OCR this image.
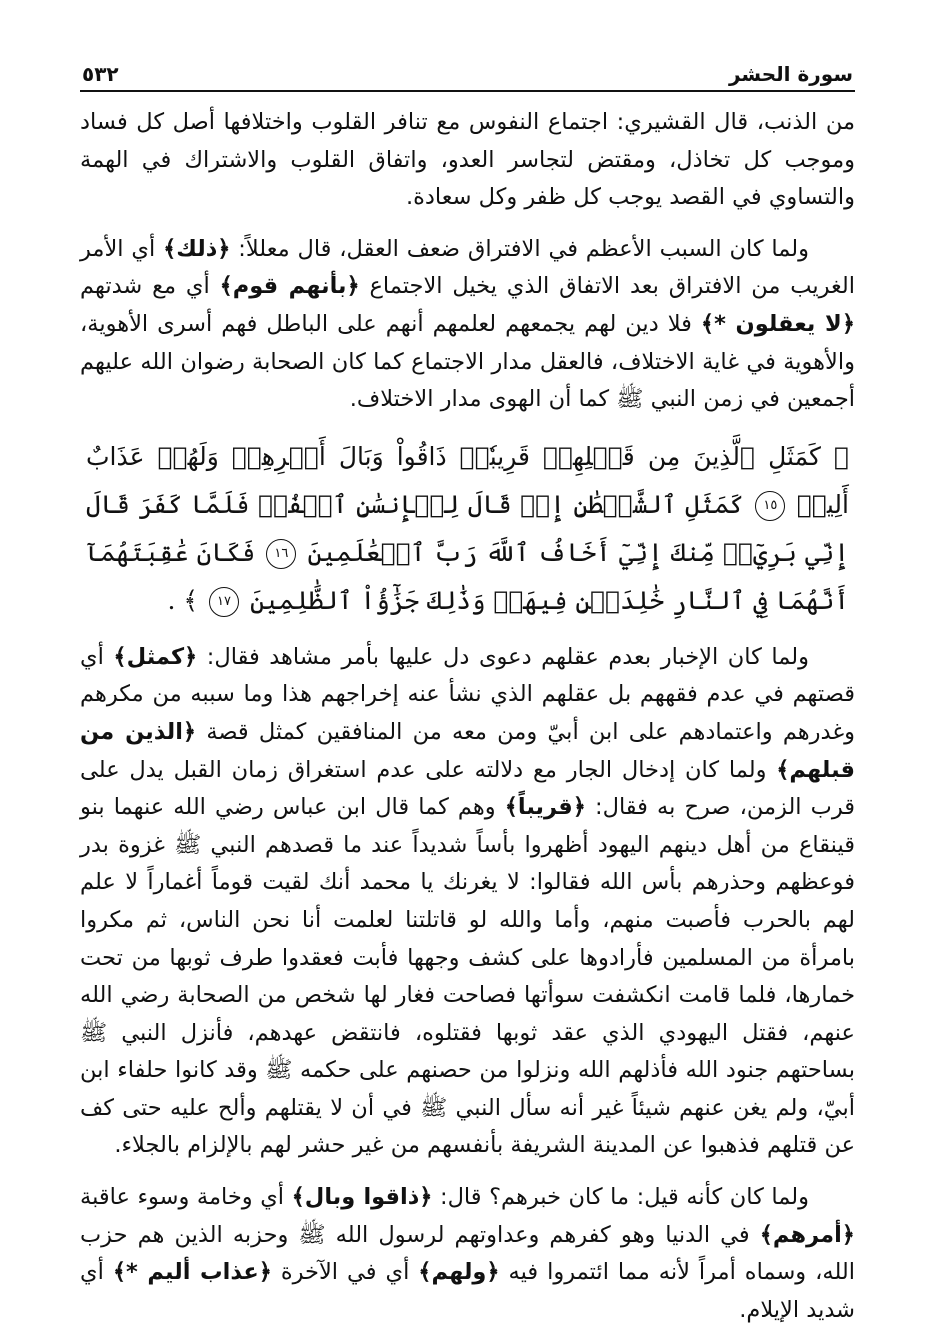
سورة الحشر
٥٣٢

من الذنب، قال القشيري: اجتماع النفوس مع تنافر القلوب واختلافها أصل كل فساد وموجب كل تخاذل، ومقتض لتجاسر العدو، واتفاق القلوب والاشتراك في الهمة والتساوي في القصد يوجب كل ظفر وكل سعادة.

ولما كان السبب الأعظم في الافتراق ضعف العقل، قال معللاً: ﴿ذلك﴾ أي الأمر الغريب من الافتراق بعد الاتفاق الذي يخيل الاجتماع ﴿بأنهم قوم﴾ أي مع شدتهم ﴿لا يعقلون *﴾ فلا دين لهم يجمعهم لعلمهم أنهم على الباطل فهم أسرى الأهوية، والأهوية في غاية الاختلاف، فالعقل مدار الاجتماع كما كان الصحابة رضوان الله عليهم أجمعين في زمن النبي ﷺ كما أن الهوى مدار الاختلاف.

﴿ كَمَثَلِ ٱلَّذِينَ مِن قَبۡلِهِمۡ قَرِيبٗاۖ ذَاقُواْ وَبَالَ أَمۡرِهِمۡ وَلَهُمۡ عَذَابٌ أَلِيمٞ ١٥ كَمَثَلِ ٱلشَّيۡطَٰنِ إِذۡ قَالَ لِلۡإِنسَٰنِ ٱكۡفُرۡ فَلَمَّا كَفَرَ قَالَ إِنِّي بَرِيٓءٞ مِّنكَ إِنِّيٓ أَخَافُ ٱللَّهَ رَبَّ ٱلۡعَٰلَمِينَ ١٦ فَكَانَ عَٰقِبَتَهُمَآ أَنَّهُمَا فِي ٱلنَّارِ خَٰلِدَيۡنِ فِيهَاۚ وَذَٰلِكَ جَزَٰٓؤُاْ ٱلظَّٰلِمِينَ ١٧ ﴾ .

ولما كان الإخبار بعدم عقلهم دعوى دل عليها بأمر مشاهد فقال: ﴿كمثل﴾ أي قصتهم في عدم فقههم بل عقلهم الذي نشأ عنه إخراجهم هذا وما سببه من مكرهم وغدرهم واعتمادهم على ابن أبيّ ومن معه من المنافقين كمثل قصة ﴿الذين من قبلهم﴾ ولما كان إدخال الجار مع دلالته على عدم استغراق زمان القبل يدل على قرب الزمن، صرح به فقال: ﴿قريباً﴾ وهم كما قال ابن عباس رضي الله عنهما بنو قينقاع من أهل دينهم اليهود أظهروا بأساً شديداً عند ما قصدهم النبي ﷺ غزوة بدر فوعظهم وحذرهم بأس الله فقالوا: لا يغرنك يا محمد أنك لقيت قوماً أغماراً لا علم لهم بالحرب فأصبت منهم، وأما والله لو قاتلتنا لعلمت أنا نحن الناس، ثم مكروا بامرأة من المسلمين فأرادوها على كشف وجهها فأبت فعقدوا طرف ثوبها من تحت خمارها، فلما قامت انكشفت سوأتها فصاحت فغار لها شخص من الصحابة رضي الله عنهم، فقتل اليهودي الذي عقد ثوبها فقتلوه، فانتقض عهدهم، فأنزل النبي ﷺ بساحتهم جنود الله فأذلهم الله ونزلوا من حصنهم على حكمه ﷺ وقد كانوا حلفاء ابن أبيّ، ولم يغن عنهم شيئاً غير أنه سأل النبي ﷺ في أن لا يقتلهم وألح عليه حتى كف عن قتلهم فذهبوا عن المدينة الشريفة بأنفسهم من غير حشر لهم بالإلزام بالجلاء.

ولما كان كأنه قيل: ما كان خبرهم؟ قال: ﴿ذاقوا وبال﴾ أي وخامة وسوء عاقبة ﴿أمرهم﴾ في الدنيا وهو كفرهم وعداوتهم لرسول الله ﷺ وحزبه الذين هم حزب الله، وسماه أمراً لأنه مما ائتمروا فيه ﴿ولهم﴾ أي في الآخرة ﴿عذاب أليم *﴾ أي شديد الإيلام.
